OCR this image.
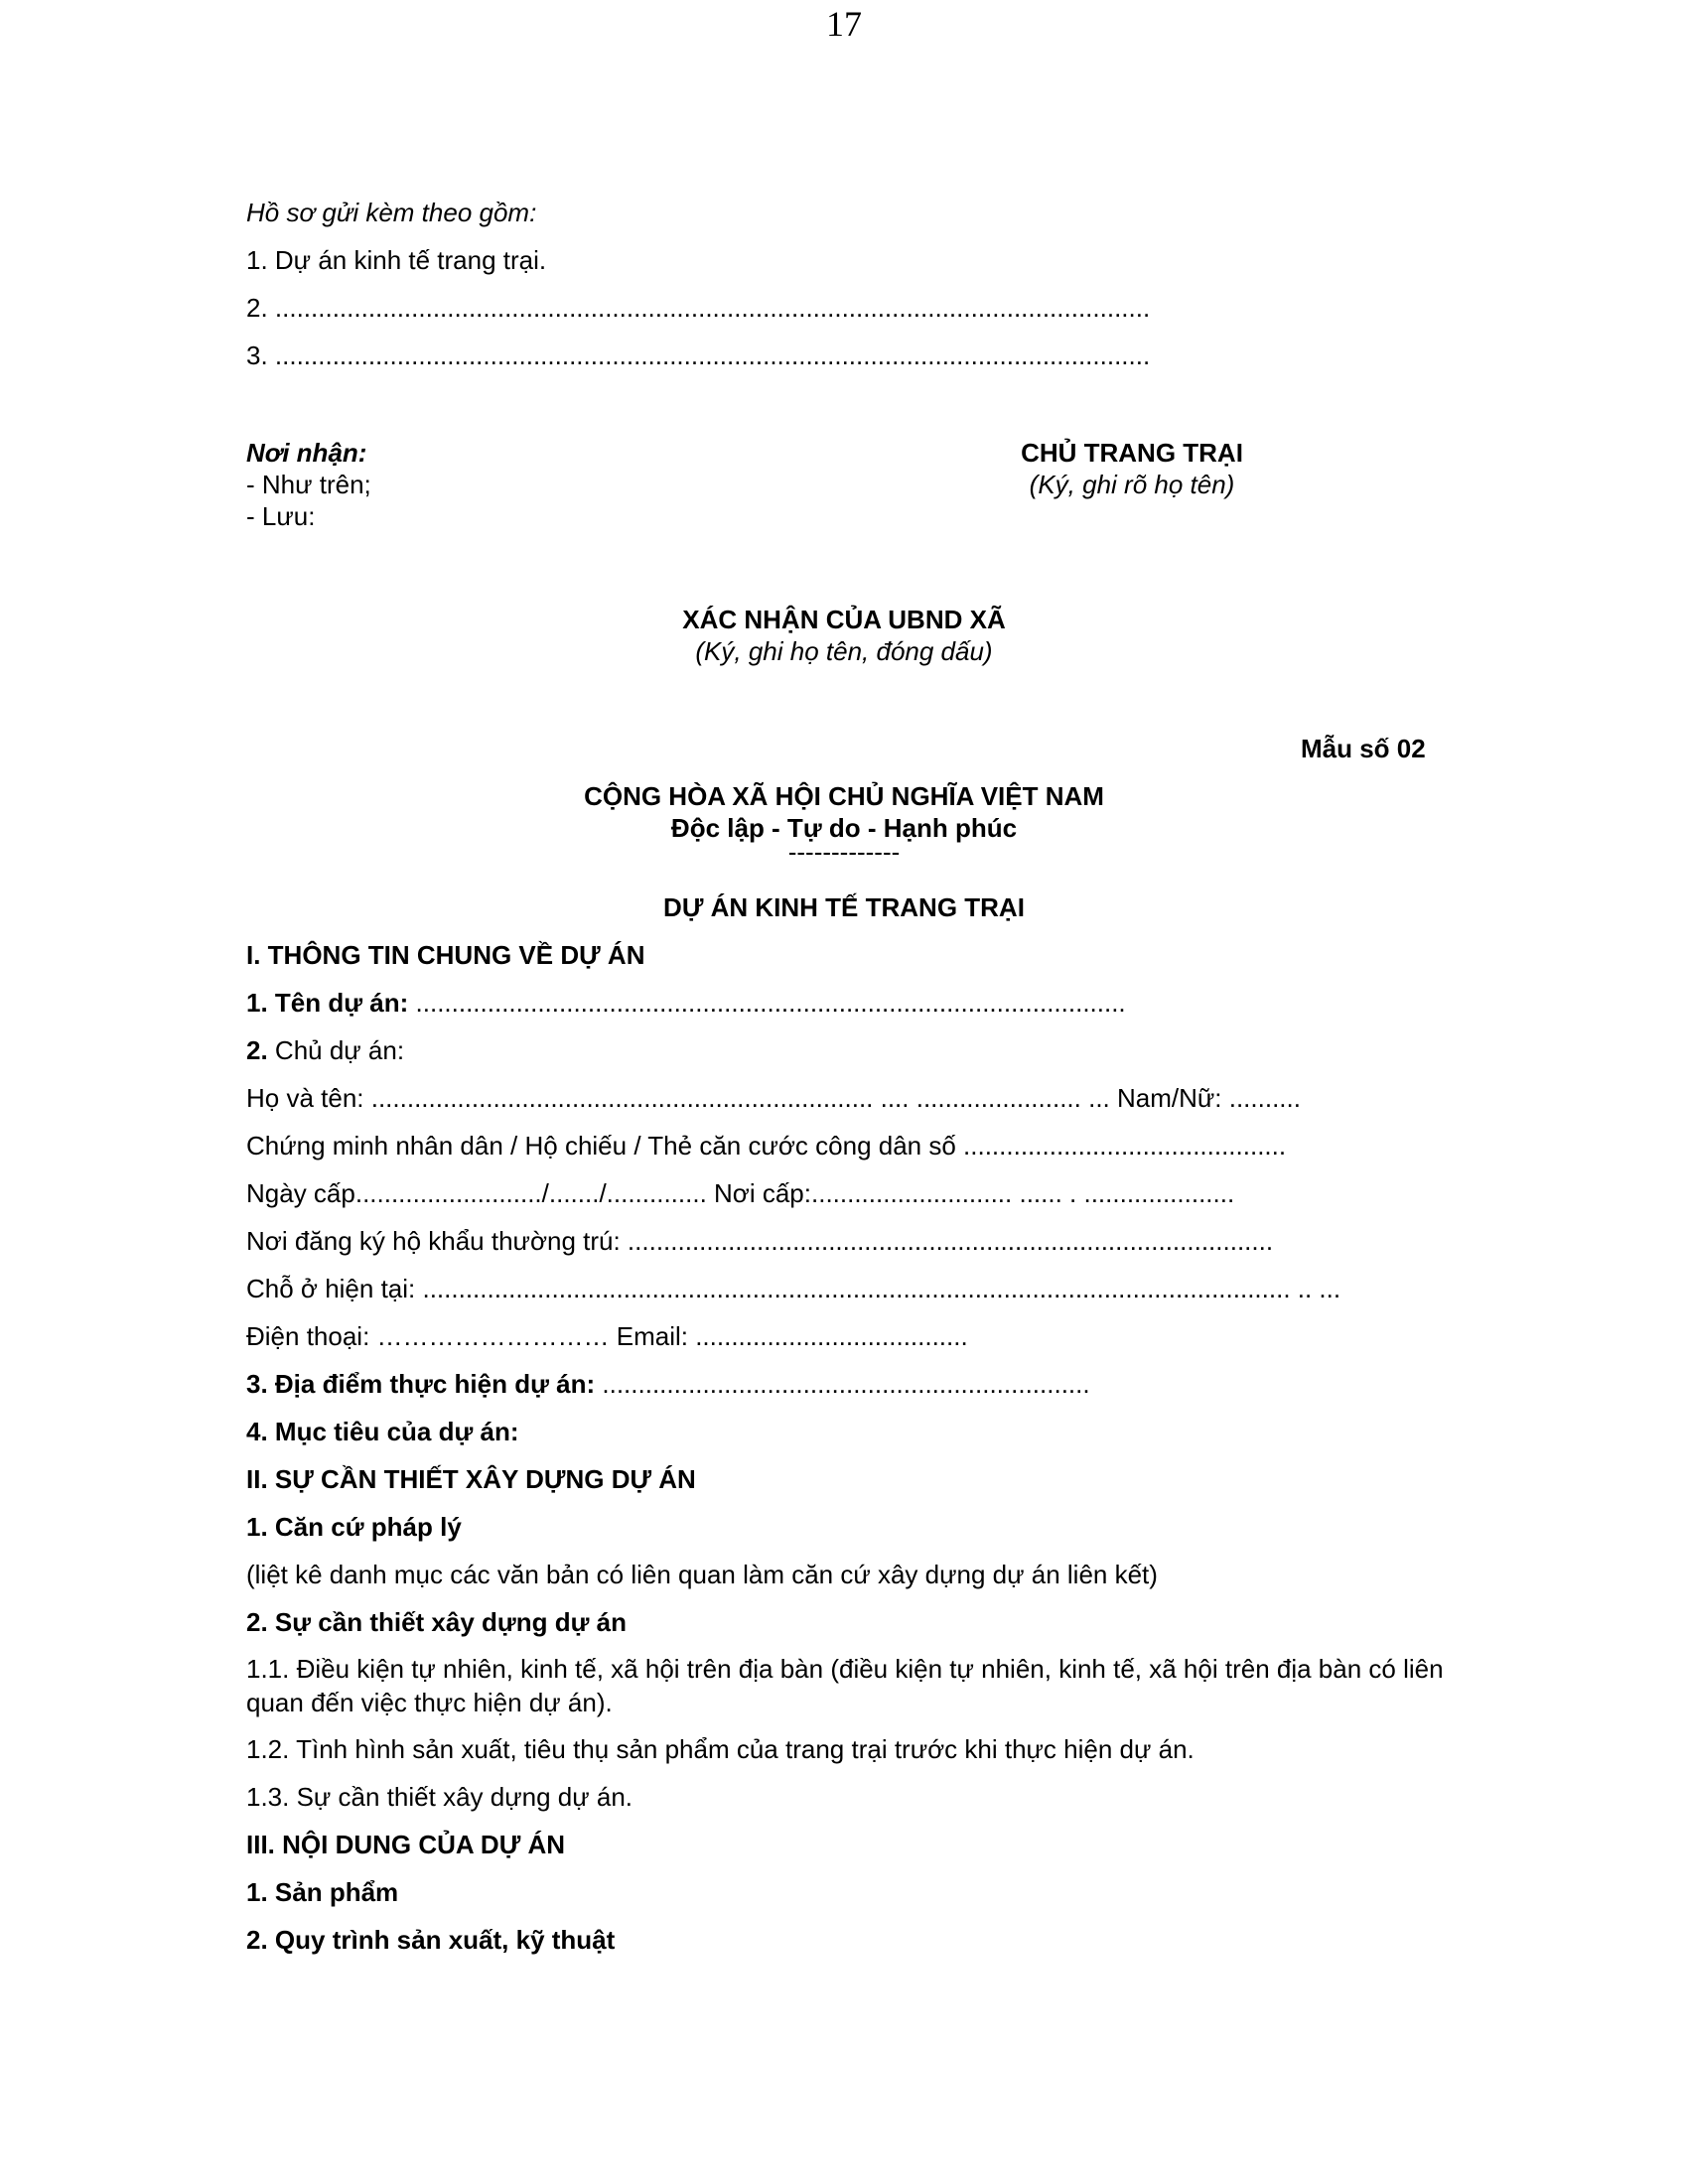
17
Hồ sơ gửi kèm theo gồm:
1. Dự án kinh tế trang trại.
2. ..........................................................................................................................
3. ..........................................................................................................................
Nơi nhận:
- Như trên;
- Lưu:
CHỦ TRANG TRẠI
(Ký, ghi rõ họ tên)
XÁC NHẬN CỦA UBND XÃ
(Ký, ghi họ tên, đóng dấu)
Mẫu số 02
CỘNG HÒA XÃ HỘI CHỦ NGHĨA VIỆT NAM
Độc lập - Tự do - Hạnh phúc
-------------
DỰ ÁN KINH TẾ TRANG TRẠI
I. THÔNG TIN CHUNG VỀ DỰ ÁN
1. Tên dự án: ...................................................................................................
2. Chủ dự án:
Họ và tên: ...................................................................... .... ....................... ... Nam/Nữ: ..........
Chứng minh nhân dân / Hộ chiếu / Thẻ căn cước công dân số .............................................
Ngày cấp........................../......./.............. Nơi cấp:............................ ...... . .....................
Nơi đăng ký hộ khẩu thường trú: ..........................................................................................
Chỗ ở hiện tại: ......................................................................................................................... .. ...
Điện thoại: ……………………… Email: ......................................
3. Địa điểm thực hiện dự án: ....................................................................
4. Mục tiêu của dự án:
II. SỰ CẦN THIẾT XÂY DỰNG DỰ ÁN
1. Căn cứ pháp lý
(liệt kê danh mục các văn bản có liên quan làm căn cứ xây dựng dự án liên kết)
2. Sự cần thiết xây dựng dự án
1.1. Điều kiện tự nhiên, kinh tế, xã hội trên địa bàn (điều kiện tự nhiên, kinh tế, xã hội trên địa bàn có liên quan đến việc thực hiện dự án).
1.2. Tình hình sản xuất, tiêu thụ sản phẩm của trang trại trước khi thực hiện dự án.
1.3. Sự cần thiết xây dựng dự án.
III. NỘI DUNG CỦA DỰ ÁN
1. Sản phẩm
2. Quy trình sản xuất, kỹ thuật
